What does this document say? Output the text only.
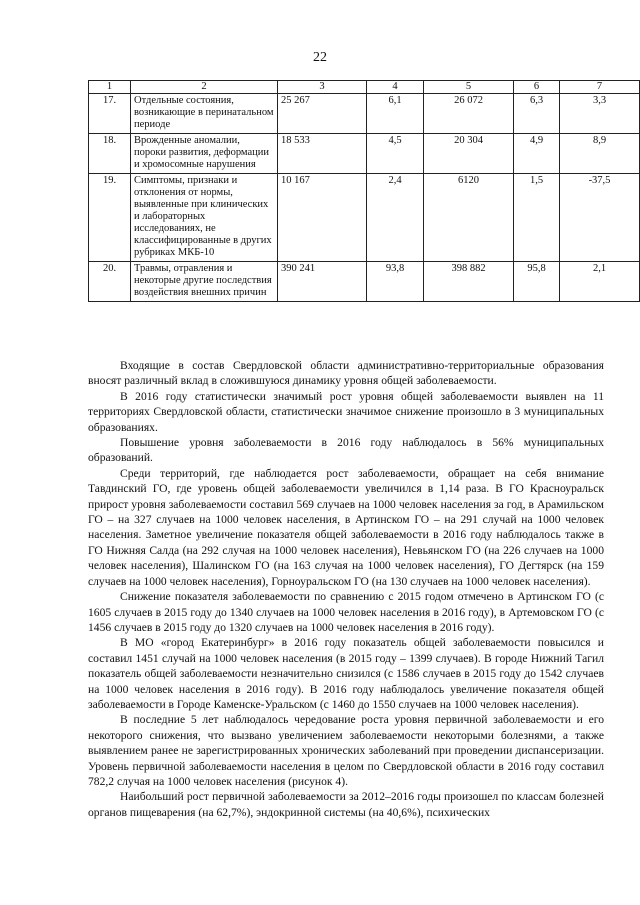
22
1	2	3	4	5	6	7
17.	Отдельные состояния, возникающие в перинатальном периоде	25 267	6,1	26 072	6,3	3,3
18.	Врожденные аномалии, пороки развития, деформации и хромосомные нарушения	18 533	4,5	20 304	4,9	8,9
19.	Симптомы, признаки и отклонения от нормы, выявленные при клинических и лабораторных исследованиях, не классифицированные в других рубриках МКБ-10	10 167	2,4	6120	1,5	-37,5
20.	Травмы, отравления и некоторые другие последствия воздействия внешних причин	390 241	93,8	398 882	95,8	2,1

Входящие в состав Свердловской области административно-территориальные образования вносят различный вклад в сложившуюся динамику уровня общей заболеваемости.

В 2016 году статистически значимый рост уровня общей заболеваемости выявлен на 11 территориях Свердловской области, статистически значимое снижение произошло в 3 муниципальных образованиях.

Повышение уровня заболеваемости в 2016 году наблюдалось в 56% муниципальных образований.

Среди территорий, где наблюдается рост заболеваемости, обращает на себя внимание Тавдинский ГО, где уровень общей заболеваемости увеличился в 1,14 раза. В ГО Красноуральск прирост уровня заболеваемости составил 569 случаев на 1000 человек населения за год, в Арамильском ГО – на 327 случаев на 1000 человек населения, в Артинском ГО – на 291 случай на 1000 человек населения. Заметное увеличение показателя общей заболеваемости в 2016 году наблюдалось также в ГО Нижняя Салда (на 292 случая на 1000 человек населения), Невьянском ГО (на 226 случаев на 1000 человек населения), Шалинском ГО (на 163 случая на 1000 человек населения), ГО Дегтярск (на 159 случаев на 1000 человек населения), Горноуральском ГО (на 130 случаев на 1000 человек населения).

Снижение показателя заболеваемости по сравнению с 2015 годом отмечено в Артинском ГО (с 1605 случаев в 2015 году до 1340 случаев на 1000 человек населения в 2016 году), в Артемовском ГО (с 1456 случаев в 2015 году до 1320 случаев на 1000 человек населения в 2016 году).

В МО «город Екатеринбург» в 2016 году показатель общей заболеваемости повысился и составил 1451 случай на 1000 человек населения (в 2015 году – 1399 случаев). В городе Нижний Тагил показатель общей заболеваемости незначительно снизился (с 1586 случаев в 2015 году до 1542 случаев на 1000 человек населения в 2016 году). В 2016 году наблюдалось увеличение показателя общей заболеваемости в Городе Каменске-Уральском (с 1460 до 1550 случаев на 1000 человек населения).

В последние 5 лет наблюдалось чередование роста уровня первичной заболеваемости и его некоторого снижения, что вызвано увеличением заболеваемости некоторыми болезнями, а также выявлением ранее не зарегистрированных хронических заболеваний при проведении диспансеризации. Уровень первичной заболеваемости населения в целом по Свердловской области в 2016 году составил 782,2 случая на 1000 человек населения (рисунок 4).

Наибольший рост первичной заболеваемости за 2012–2016 годы произошел по классам болезней органов пищеварения (на 62,7%), эндокринной системы (на 40,6%), психических
